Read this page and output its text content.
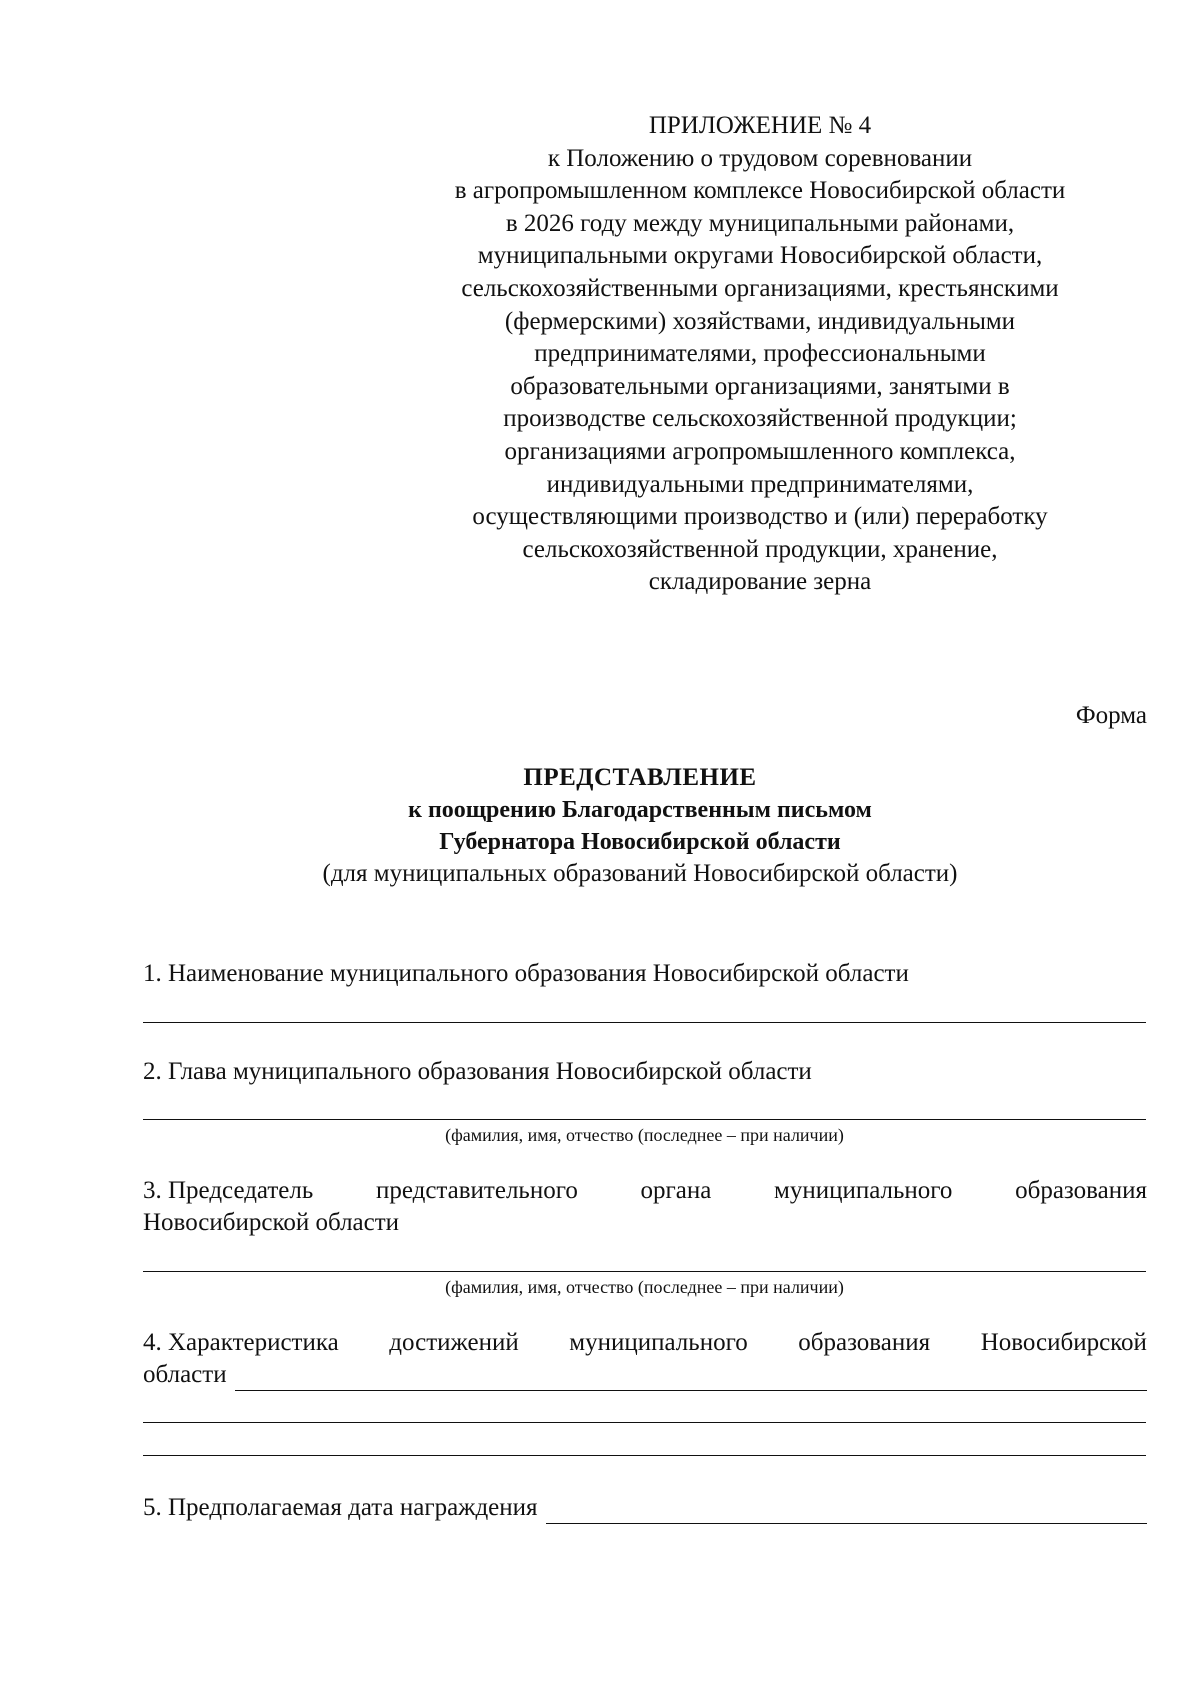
ПРИЛОЖЕНИЕ № 4
к Положению о трудовом соревновании
в агропромышленном комплексе Новосибирской области
в 2026 году между муниципальными районами,
муниципальными округами Новосибирской области,
сельскохозяйственными организациями, крестьянскими
(фермерскими) хозяйствами, индивидуальными
предпринимателями, профессиональными
образовательными организациями, занятыми в
производстве сельскохозяйственной продукции;
организациями агропромышленного комплекса,
индивидуальными предпринимателями,
осуществляющими производство и (или) переработку
сельскохозяйственной продукции, хранение,
складирование зерна
Форма
ПРЕДСТАВЛЕНИЕ
к поощрению Благодарственным письмом
Губернатора Новосибирской области
(для муниципальных образований Новосибирской области)
1. Наименование муниципального образования Новосибирской области
2. Глава муниципального образования Новосибирской области
(фамилия, имя, отчество (последнее – при наличии)
3. Председатель	представительного	органа	муниципального	образования
Новосибирской области
(фамилия, имя, отчество (последнее – при наличии)
4. Характеристика достижений муниципального образования Новосибирской
области
5. Предполагаемая дата награждения
